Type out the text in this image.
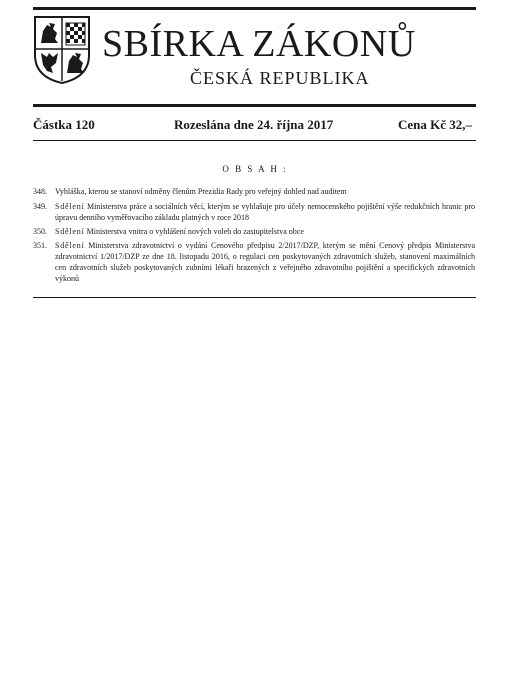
SBÍRKA ZÁKONŮ
ČESKÁ REPUBLIKA
Částka 120	Rozeslána dne 24. října 2017	Cena Kč 32,–
O B S A H :
348.	Vyhláška, kterou se stanoví odměny členům Prezidia Rady pro veřejný dohled nad auditem
349.	Sdělení Ministerstva práce a sociálních věcí, kterým se vyhlašuje pro účely nemocenského pojištění výše redukčních hranic pro úpravu denního vyměřovacího základu platných v roce 2018
350.	Sdělení Ministerstva vnitra o vyhlášení nových voleb do zastupitelstva obce
351.	Sdělení Ministerstva zdravotnictví o vydání Cenového předpisu 2/2017/DZP, kterým se mění Cenový předpis Ministerstva zdravotnictví 1/2017/DZP ze dne 18. listopadu 2016, o regulaci cen poskytovaných zdravotních služeb, stanovení maximálních cen zdravotních služeb poskytovaných zubními lékaři hrazených z veřejného zdravotního pojištění a specifických zdravotních výkonů
